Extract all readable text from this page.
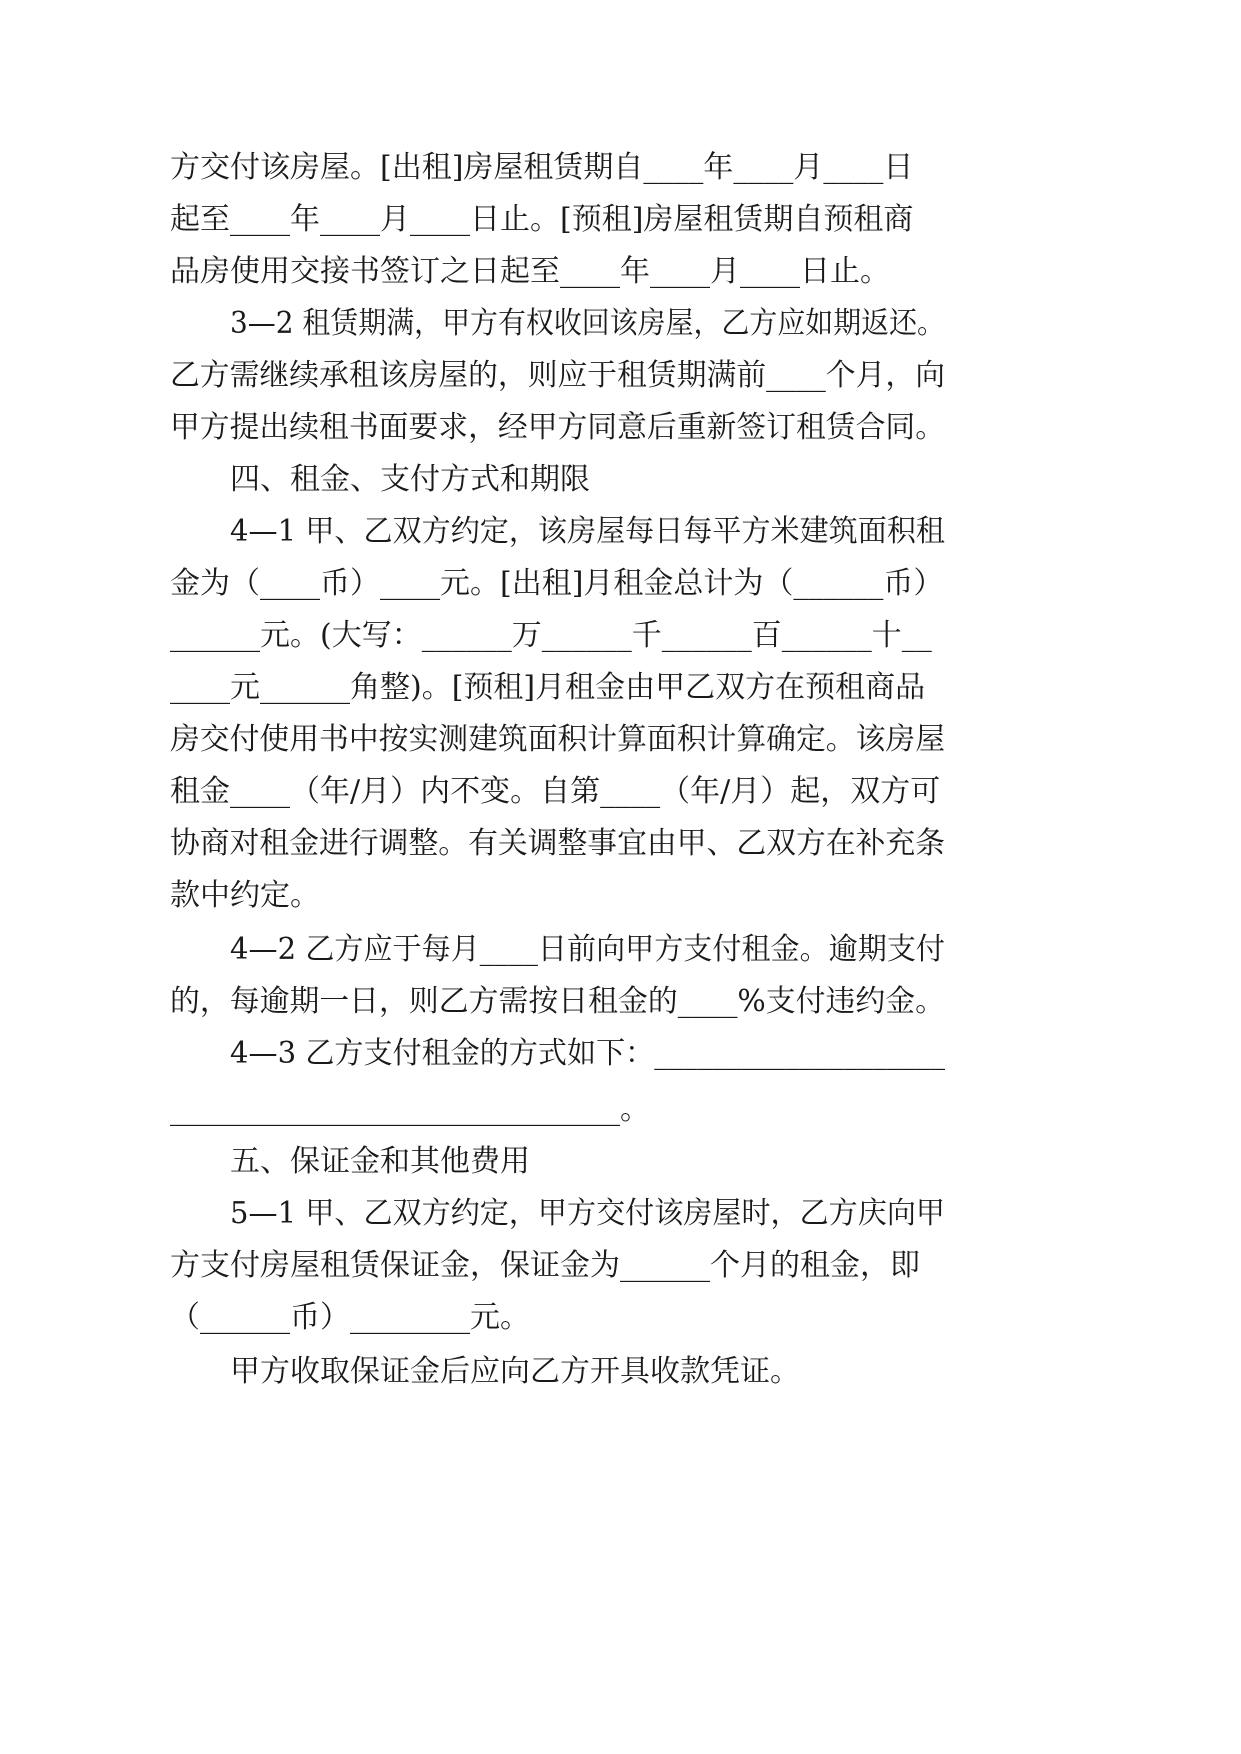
方交付该房屋。[出租]房屋租赁期自____年____月____日
起至____年____月____日止。[预租]房屋租赁期自预租商
品房使用交接书签订之日起至____年____月____日止。
3—2 租赁期满，甲方有权收回该房屋，乙方应如期返还。
乙方需继续承租该房屋的，则应于租赁期满前____个月，向
甲方提出续租书面要求，经甲方同意后重新签订租赁合同。
四、租金、支付方式和期限
4—1 甲、乙双方约定，该房屋每日每平方米建筑面积租
金为（____币）____元。[出租]月租金总计为（______币）
______元。(大写：______万______千______百______十__
____元______角整)。[预租]月租金由甲乙双方在预租商品
房交付使用书中按实测建筑面积计算面积计算确定。该房屋
租金____（年/月）内不变。自第____（年/月）起，双方可
协商对租金进行调整。有关调整事宜由甲、乙双方在补充条
款中约定。
4—2 乙方应于每月____日前向甲方支付租金。逾期支付
的，每逾期一日，则乙方需按日租金的____%支付违约金。
4—3 乙方支付租金的方式如下：____________________
______________________________。
五、保证金和其他费用
5—1 甲、乙双方约定，甲方交付该房屋时，乙方庆向甲
方支付房屋租赁保证金，保证金为______个月的租金，即
（______币）________元。
甲方收取保证金后应向乙方开具收款凭证。
